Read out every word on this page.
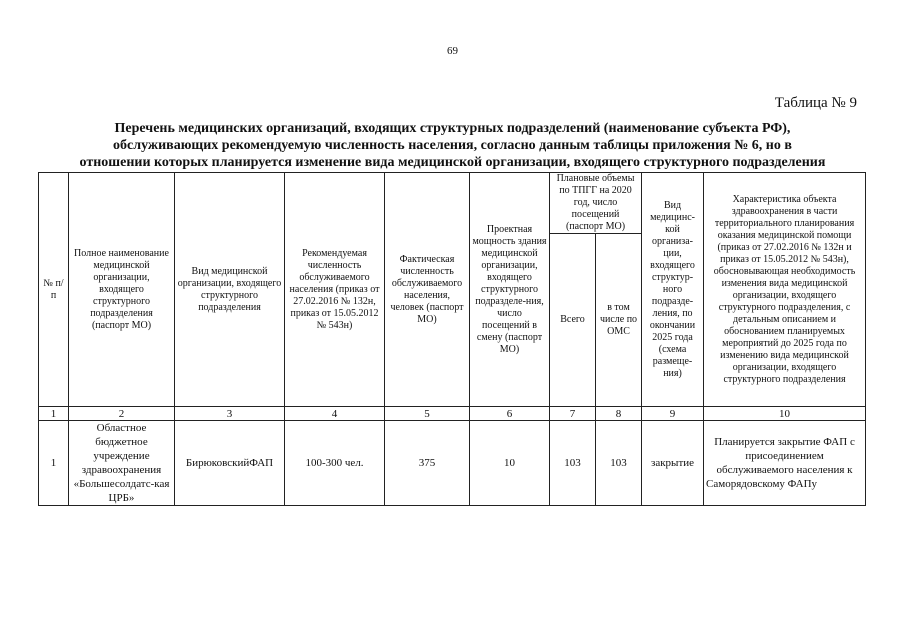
69
Таблица № 9
Перечень медицинских организаций, входящих структурных подразделений (наименование субъекта РФ),
обслуживающих рекомендуемую численность населения, согласно данным таблицы приложения № 6, но в
отношении которых планируется изменение вида медицинской организации, входящего структурного подразделения
№ п/п	Полное наименование медицинской организации, входящего структурного подразделения (паспорт МО)	Вид медицинской организации, входящего структурного подразделения	Рекомендуемая численность обслуживаемого населения (приказ от 27.02.2016 № 132н, приказ от 15.05.2012 № 543н)	Фактическая численность обслуживаемого населения, человек (паспорт МО)	Проектная мощность здания медицинской организации, входящего структурного подразделе-ния, число посещений в смену (паспорт МО)	Плановые объемы по ТПГГ на 2020 год, число посещений (паспорт МО)		Вид медицинс-кой организа-ции, входящего структур-ного подразде-ления, по окончании 2025 года (схема размеще-ния)	Характеристика объекта здравоохранения в части территориального планирования оказания медицинской помощи (приказ от 27.02.2016 № 132н и приказ от 15.05.2012 № 543н), обосновывающая необходимость изменения вида медицинской организации, входящего структурного подразделения, с детальным описанием и обоснованием планируемых мероприятий до 2025 года по изменению вида медицинской организации, входящего структурного подразделения
						Всего	в том числе по ОМС		
1	2	3	4	5	6	7	8	9	10
1	Областное бюджетное учреждение здравоохранения «Большесолдатс-кая ЦРБ»	БирюковскийФАП	100-300 чел.	375	10	103	103	закрытие	Планируется закрытие ФАП с присоединением обслуживаемого населения к Саморядовскому ФАПу
